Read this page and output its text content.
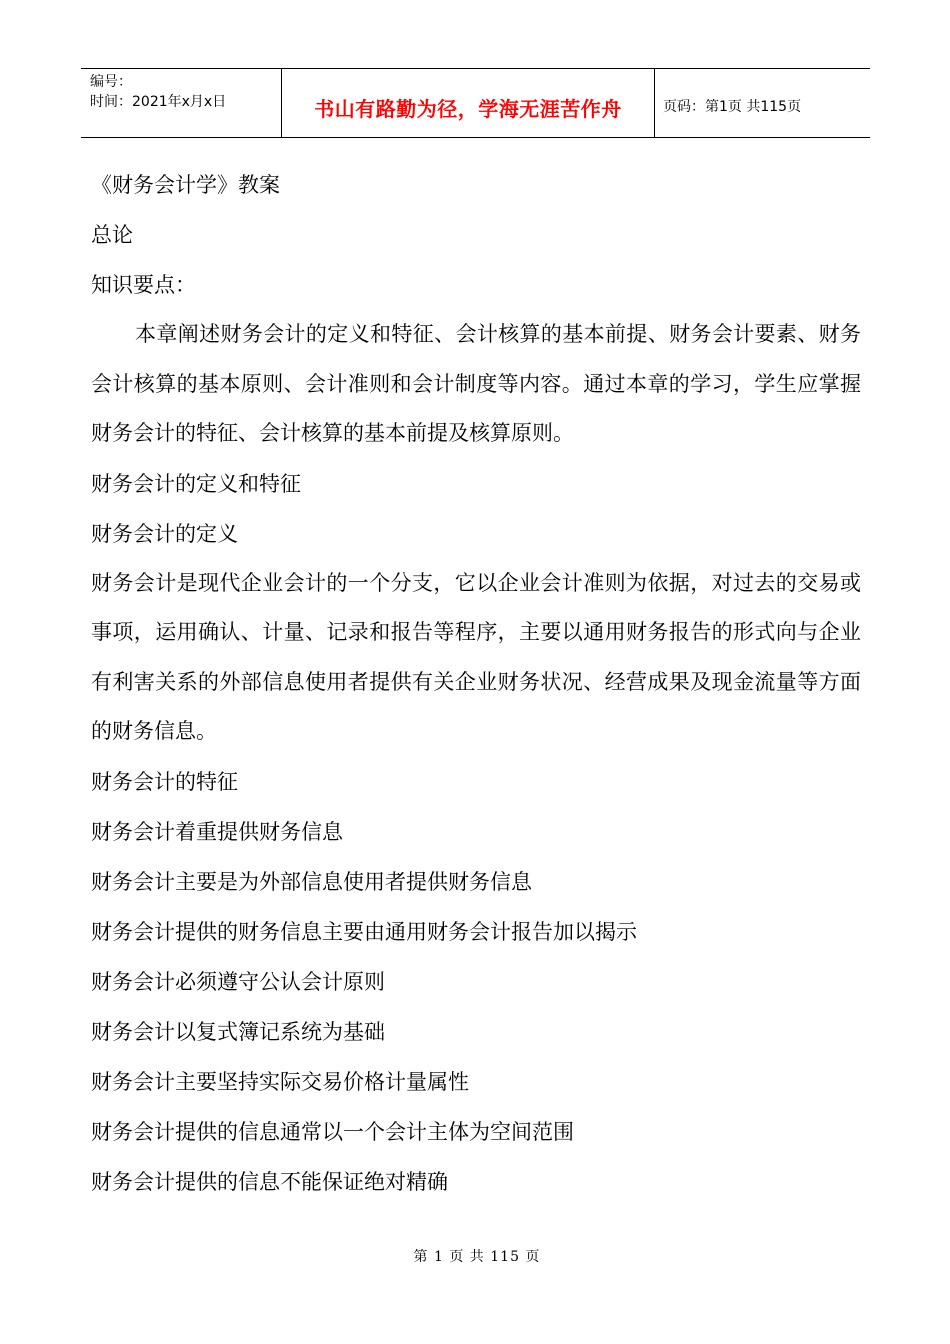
编号：
时间：2021年x月x日	书山有路勤为径，学海无涯苦作舟	页码：第1页 共115页
《财务会计学》教案
总论
知识要点：
本章阐述财务会计的定义和特征、会计核算的基本前提、财务会计要素、财务会计核算的基本原则、会计准则和会计制度等内容。通过本章的学习，学生应掌握财务会计的特征、会计核算的基本前提及核算原则。
财务会计的定义和特征
财务会计的定义
财务会计是现代企业会计的一个分支，它以企业会计准则为依据，对过去的交易或事项，运用确认、计量、记录和报告等程序，主要以通用财务报告的形式向与企业有利害关系的外部信息使用者提供有关企业财务状况、经营成果及现金流量等方面的财务信息。
财务会计的特征
财务会计着重提供财务信息
财务会计主要是为外部信息使用者提供财务信息
财务会计提供的财务信息主要由通用财务会计报告加以揭示
财务会计必须遵守公认会计原则
财务会计以复式簿记系统为基础
财务会计主要坚持实际交易价格计量属性
财务会计提供的信息通常以一个会计主体为空间范围
财务会计提供的信息不能保证绝对精确
第 1 页 共 115 页
